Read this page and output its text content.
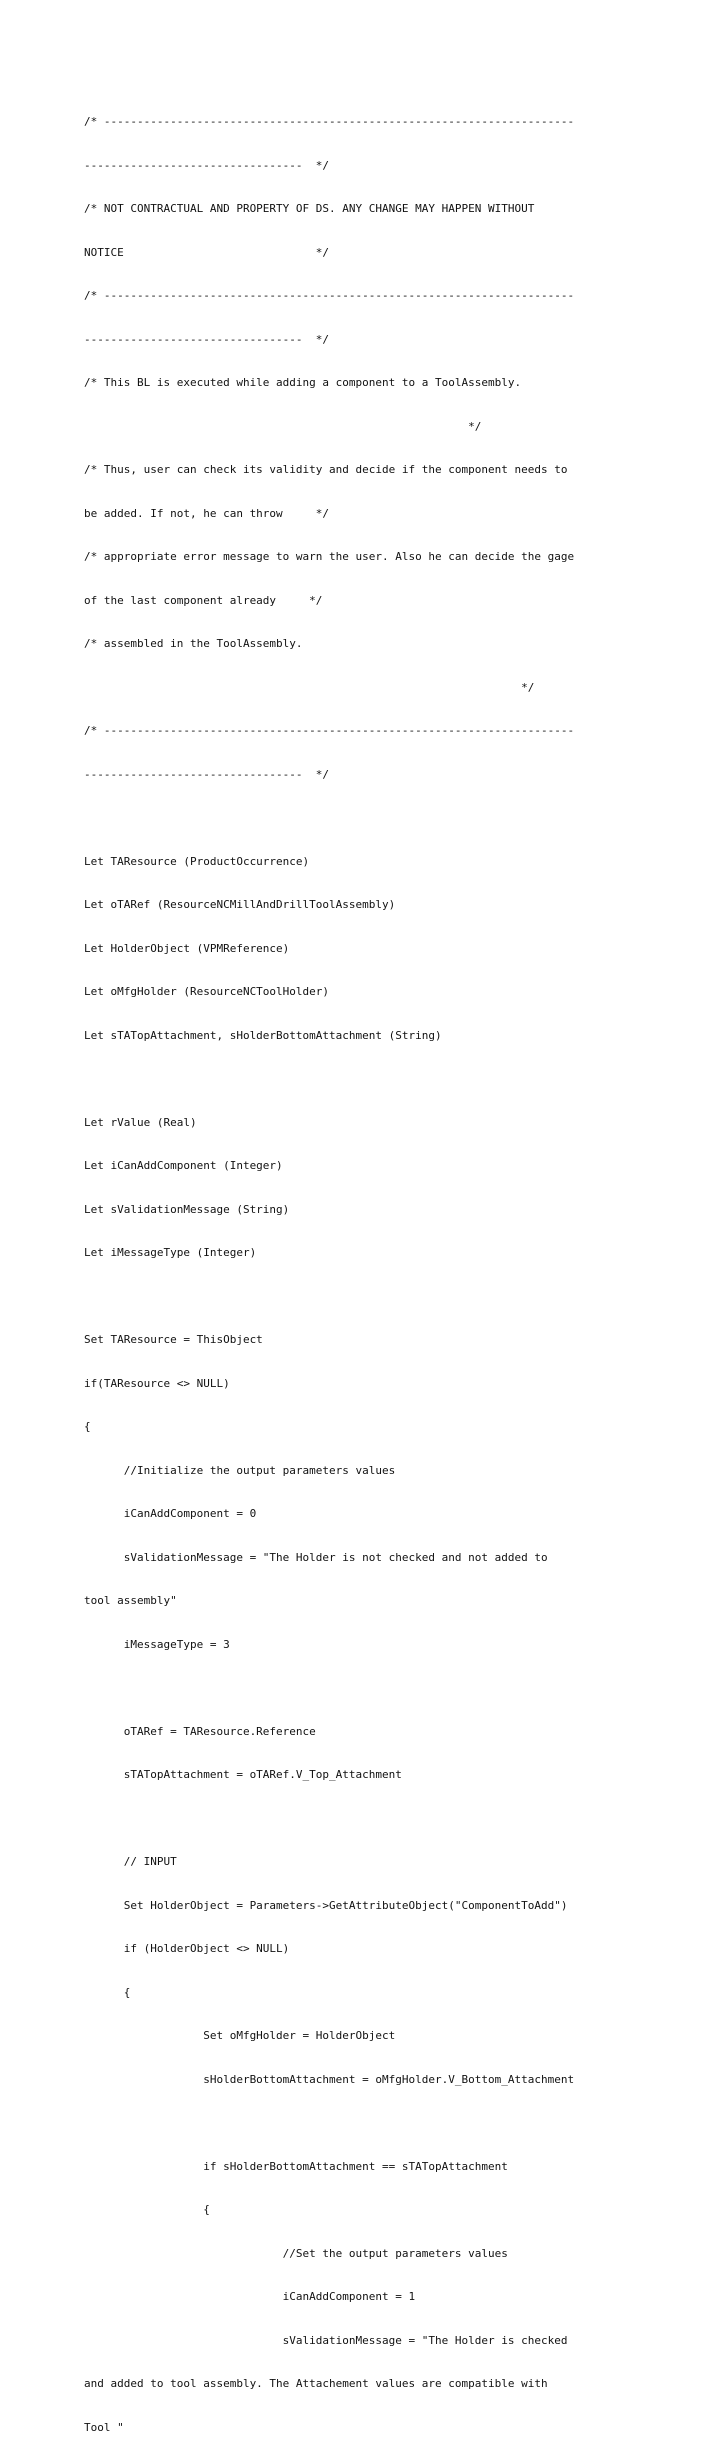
/* -----------------------------------------------------------------------

---------------------------------  */

/* NOT CONTRACTUAL AND PROPERTY OF DS. ANY CHANGE MAY HAPPEN WITHOUT

NOTICE                             */

/* -----------------------------------------------------------------------

---------------------------------  */

/* This BL is executed while adding a component to a ToolAssembly.

*/

/* Thus, user can check its validity and decide if the component needs to

be added. If not, he can throw     */

/* appropriate error message to warn the user. Also he can decide the gage

of the last component already     */

/* assembled in the ToolAssembly.

*/

/* -----------------------------------------------------------------------

---------------------------------  */

Let TAResource (ProductOccurrence)

Let oTARef (ResourceNCMillAndDrillToolAssembly)

Let HolderObject (VPMReference)

Let oMfgHolder (ResourceNCToolHolder)

Let sTATopAttachment, sHolderBottomAttachment (String)

Let rValue (Real)

Let iCanAddComponent (Integer)

Let sValidationMessage (String)

Let iMessageType (Integer)

Set TAResource = ThisObject

if(TAResource <> NULL)

{

//Initialize the output parameters values

iCanAddComponent = 0

sValidationMessage = "The Holder is not checked and not added to

tool assembly"

iMessageType = 3

oTARef = TAResource.Reference

sTATopAttachment = oTARef.V_Top_Attachment

// INPUT

Set HolderObject = Parameters->GetAttributeObject("ComponentToAdd")

if (HolderObject <> NULL)

{

Set oMfgHolder = HolderObject

sHolderBottomAttachment = oMfgHolder.V_Bottom_Attachment

if sHolderBottomAttachment == sTATopAttachment

{

//Set the output parameters values

iCanAddComponent = 1

sValidationMessage = "The Holder is checked

and added to tool assembly. The Attachement values are compatible with

Tool "
